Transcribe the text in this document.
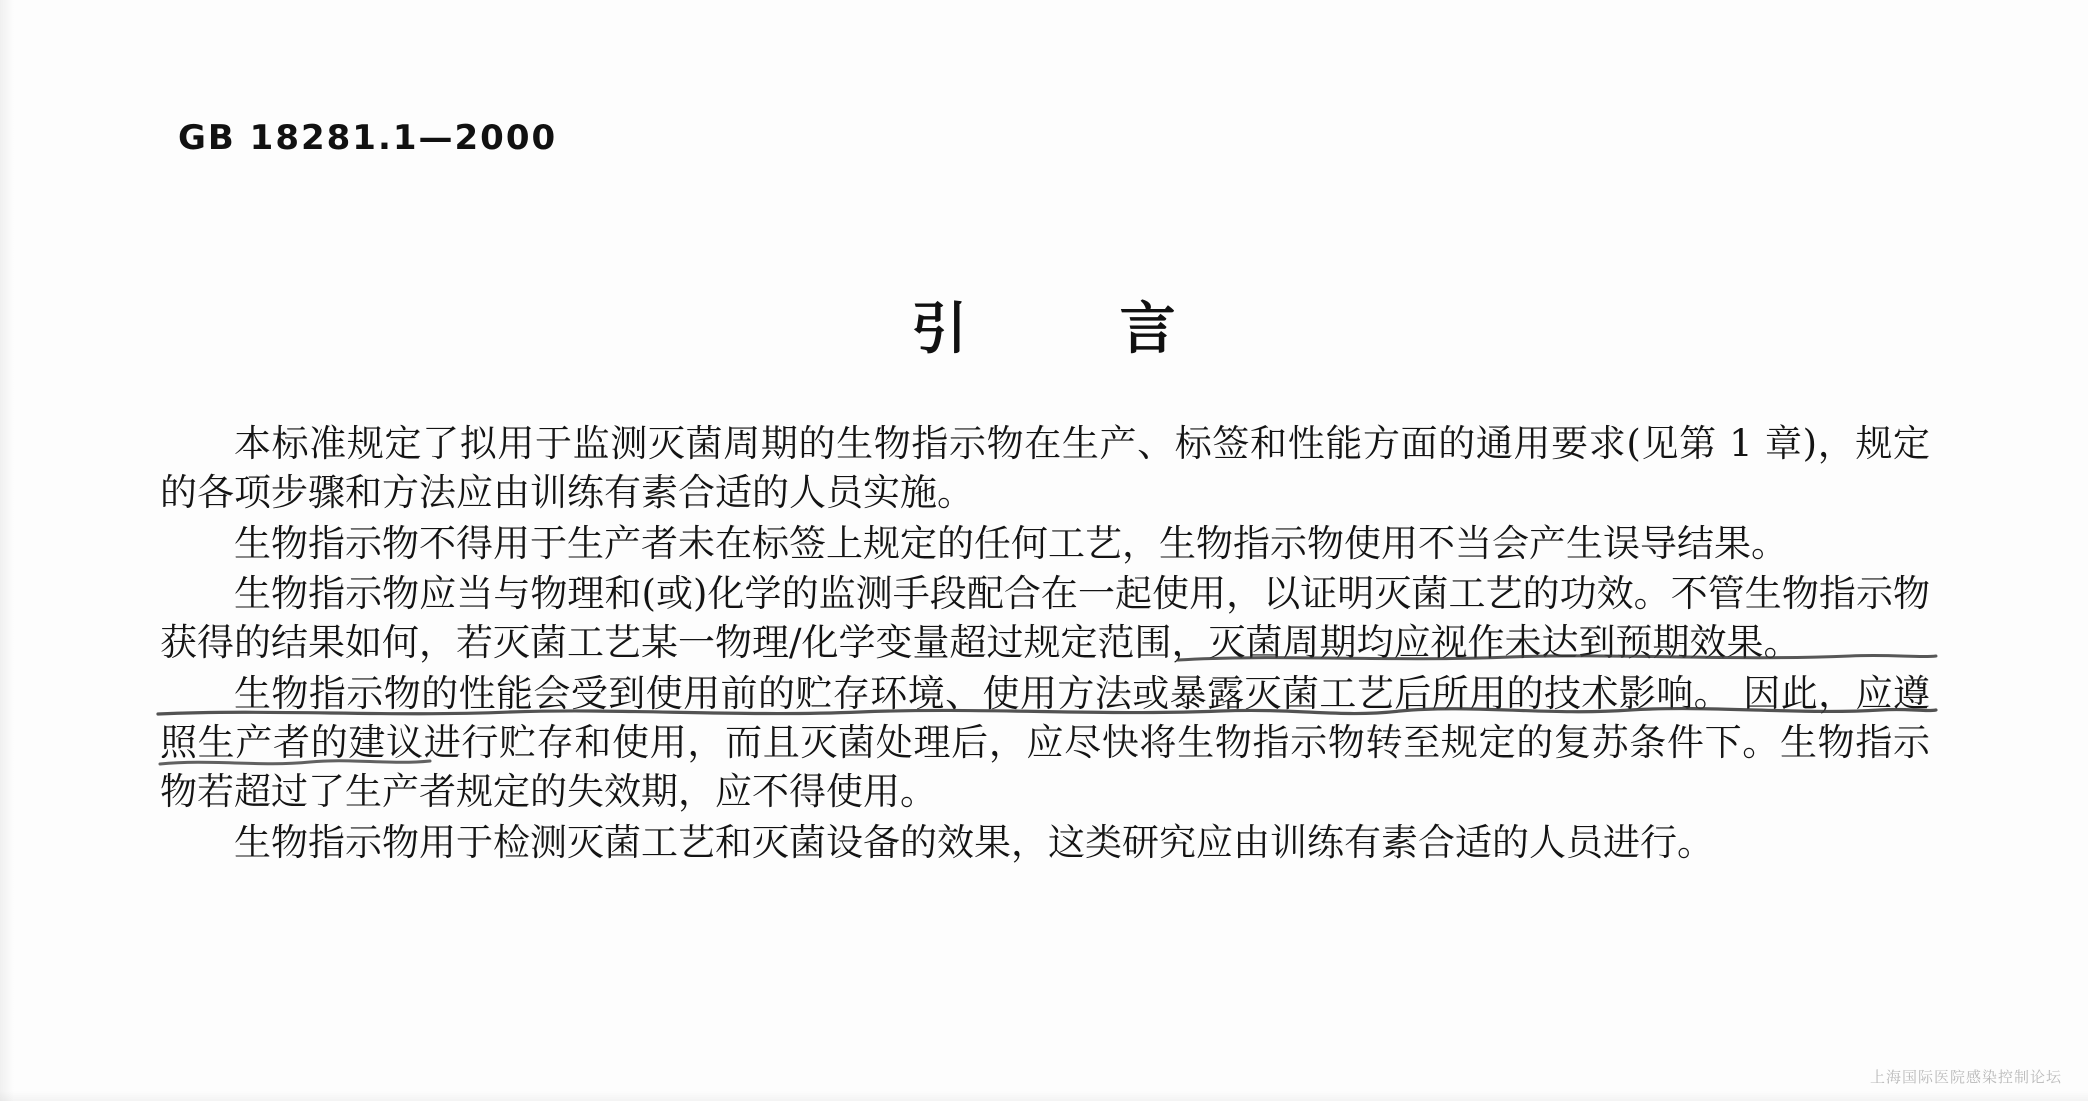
GB 18281.1—2000
引	言

本标准规定了拟用于监测灭菌周期的生物指示物在生产、标签和性能方面的通用要求(见第 1 章)，规定的各项步骤和方法应由训练有素合适的人员实施。

生物指示物不得用于生产者未在标签上规定的任何工艺，生物指示物使用不当会产生误导结果。

生物指示物应当与物理和(或)化学的监测手段配合在一起使用，以证明灭菌工艺的功效。不管生物指示物获得的结果如何，若灭菌工艺某一物理/化学变量超过规定范围，灭菌周期均应视作未达到预期效果。

生物指示物的性能会受到使用前的贮存环境、使用方法或暴露灭菌工艺后所用的技术影响。 因此，应遵照生产者的建议进行贮存和使用，而且灭菌处理后，应尽快将生物指示物转至规定的复苏条件下。生物指示物若超过了生产者规定的失效期，应不得使用。

生物指示物用于检测灭菌工艺和灭菌设备的效果，这类研究应由训练有素合适的人员进行。

上海国际医院感染控制论坛
